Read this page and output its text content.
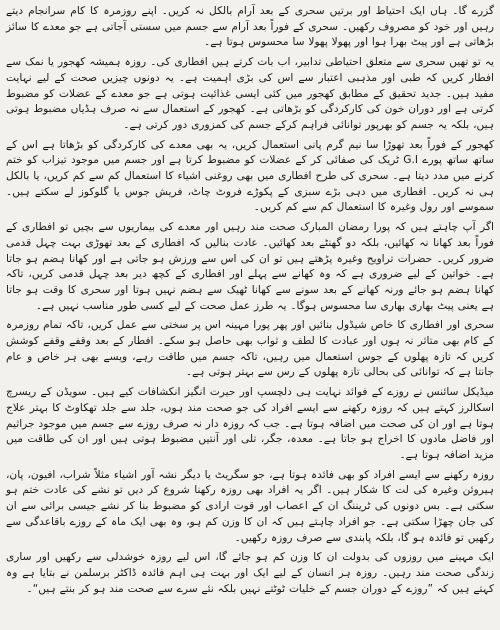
گزرے گا۔ ہاں ایک احتیاط اور برتیں سحری کے بعد آرام بالکل نہ کریں۔ اپنے روزمرہ کا کام سرانجام دیتے رہیں اور خود کو مصروف رکھیں۔ سحری کے فوراً بعد آرام سے جسم میں سستی آجاتی ہے جو معدے کا سائز بڑھاتی ہے اور پیٹ بھرا ہوا اور پھولا پھولا سا محسوس ہوتا ہے۔

یہ تو تھیں سحری سے متعلق احتیاطی تدابیر، اب بات کرتے ہیں افطاری کی۔ روزہ ہمیشہ کھجور یا نمک سے افطار کریں کہ طبی اور مذہبی اعتبار سے اس کی بڑی اہمیت ہے۔ یہ دونوں چیزیں صحت کے لیے نہایت مفید ہیں۔ جدید تحقیق کے مطابق کھجور میں کئی ایسی غذائیت ہوتی ہے جو معدے کے عضلات کو مضبوط کرتی ہے اور دوران خون کی کارکردگی کو بڑھاتی ہے۔ کھجور کے استعمال سے نہ صرف ہڈیاں مضبوط ہوتی ہیں، بلکہ یہ جسم کو بھرپور توانائی فراہم کرکے جسم کی کمزوری دور کرتی ہے۔

کھجور کے فوراً بعد تھوڑا سا نیم گرم پانی استعمال کریں، یہ بھی معدے کی کارکردگی کو بڑھاتا ہے اس کے ساتھ ساتھ پورے G.I ٹریک کی صفائی کر کے عضلات کو مضبوط کرتا ہے اور جسم میں موجود تیزاب کو ختم کرنے میں مدد دیتا ہے۔ سحری کی طرح افطاری میں بھی روغنی اشیاء کا استعمال کم سے کم کریں، یا بالکل ہی نہ کریں۔ افطاری میں دہی بڑے سبزی کے پکوڑے فروٹ چاٹ، فریش جوس یا گلوکوز لے سکتے ہیں۔ سموسے اور رول وغیرہ کا استعمال کم سے کم کریں۔

اگر آپ چاہتے ہیں کہ پورا رمضان المبارک صحت مند رہیں اور معدے کی بیماریوں سے بچیں تو افطاری کے فوراً بعد کھانا نہ کھائیں، بلکہ دو گھنٹے بعد کھائیں۔ عادت بنالیں کہ افطاری کے بعد تھوڑی بہت چہل قدمی ضرور کریں۔ حضرات تراویح وغیرہ پڑھتے ہیں تو ان کی اس سے ورزش ہو جاتی ہے اور کھانا ہضم ہو جاتا ہے۔ خواتین کے لیے ضروری ہے کہ وہ کھانے سے پہلے اور افطاری کے کچھ دیر بعد چہل قدمی کریں، تاکہ کھانا ہضم ہو جائے ورنہ کھانے کے بعد سونے سے کھانا ٹھیک سے ہضم نہیں ہوتا اور سحری کا وقت ہو جاتا ہے یعنی پیٹ بھاری بھاری سا محسوس ہوگا۔ یہ طرز عمل صحت کے لیے کسی طور مناسب نہیں ہے۔

سحری اور افطاری کا خاص شیڈول بنائیں اور پھر پورا مہینہ اس پر سختی سے عمل کریں، تاکہ تمام روزمرہ کے کام بھی متاثر نہ ہوں اور عبادت کا لطف و ثواب بھی حاصل ہو سکے۔ افطار کے بعد وقفے وقفے کوشش کریں کہ تازہ پھلوں کے جوس استعمال میں رہیں، تاکہ جسم میں طاقت رہے، ویسے بھی ہر خاص و عام جانتا ہے کہ توانائی کی بحالی تازہ پھلوں کے رس سے بہتر ہوتی ہے۔

میڈیکل سائنس نے روزے کے فوائد نہایت ہی دلچسپ اور حیرت انگیز انکشافات کیے ہیں۔ سویڈن کے ریسرچ اسکالرز کہتے ہیں کہ روزہ رکھنے سے ایسے افراد کی جو صحت مند ہوں، جلد سے جلد تھکاوٹ کا بہتر علاج ہوتا ہے اور ان کی صحت میں اضافہ ہوتا ہے۔ جب کہ روزہ دار نہ صرف روزے سے جسم میں موجود جراثیم اور فاضل مادوں کا اخراج ہو جاتا ہے۔ معدہ، جگر، تلی اور آنتیں مضبوط ہوتی ہیں اور ان کی طاقت میں مزید اضافہ ہوتا ہے۔

روزہ رکھنے سے ایسے افراد کو بھی فائدہ ہوتا ہے، جو سگریٹ یا دیگر نشہ آور اشیاء مثلاً شراب، افیون، پان، ہیروئن وغیرہ کی لت کا شکار ہیں۔ اگر یہ افراد بھی روزہ رکھنا شروع کر دیں تو نشے کی عادت ختم ہو سکتی ہے۔ بس دونوں کی ٹریننگ ان کے اعصاب اور قوت ارادی کو مضبوط بنا کر نشے جیسی برائی سے ان کی جان چھڑا سکتی ہے۔ جو افراد چاہتے ہیں کہ ان کا وزن کم ہو، وہ بھی ایک ماہ کے روزے باقاعدگی سے رکھیں تو فائدہ ہو گا، بلکہ پابندی سے صرف روزہ رکھیں۔

ایک مہینے میں روزوں کی بدولت ان کا وزن کم ہو جائے گا، اس لیے روزہ خوشدلی سے رکھیں اور ساری زندگی صحت مند رہیں۔ روزہ ہر انسان کے لیے ایک اور بہت ہی اہم فائدہ ڈاکٹر برسلمن نے بتایا ہے وہ کہتے ہیں کہ ”روزے کے دوران جسم کے خلیات ٹوٹتے نہیں بلکہ نئے سرے سے صحت مند ہو کر بنتے ہیں“۔
